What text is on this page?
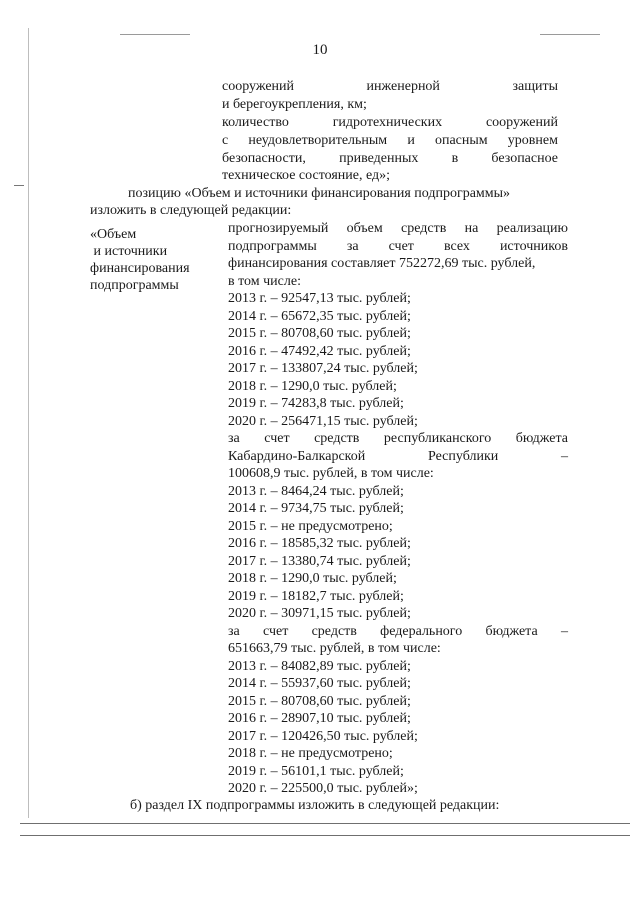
10
сооружений	инженерной	защиты
и берегоукрепления, км;
количество	гидротехнических	сооружений
с неудовлетворительным и опасным уровнем
безопасности, приведенных в безопасное
техническое состояние, ед»;
позицию «Объем и источники финансирования подпрограммы»
изложить в следующей редакции:
«Объем
и источники
финансирования
подпрограммы
прогнозируемый объем средств на реализацию
подпрограммы за счет всех источников
финансирования составляет 752272,69 тыс. рублей,
в том числе:
2013 г. – 92547,13 тыс. рублей;
2014 г. – 65672,35 тыс. рублей;
2015 г. – 80708,60 тыс. рублей;
2016 г. – 47492,42 тыс. рублей;
2017 г. – 133807,24 тыс. рублей;
2018 г. – 1290,0 тыс. рублей;
2019 г. – 74283,8 тыс. рублей;
2020 г. – 256471,15 тыс. рублей;
за счет средств республиканского бюджета
Кабардино-Балкарской	Республики	–
100608,9 тыс. рублей, в том числе:
2013 г. – 8464,24 тыс. рублей;
2014 г. – 9734,75 тыс. рублей;
2015 г. – не предусмотрено;
2016 г. – 18585,32 тыс. рублей;
2017 г. – 13380,74 тыс. рублей;
2018 г. – 1290,0 тыс. рублей;
2019 г. – 18182,7 тыс. рублей;
2020 г. – 30971,15 тыс. рублей;
за счет средств федерального бюджета –
651663,79 тыс. рублей, в том числе:
2013 г. – 84082,89 тыс. рублей;
2014 г. – 55937,60 тыс. рублей;
2015 г. – 80708,60 тыс. рублей;
2016 г. – 28907,10 тыс. рублей;
2017 г. – 120426,50 тыс. рублей;
2018 г. – не предусмотрено;
2019 г. – 56101,1 тыс. рублей;
2020 г. – 225500,0 тыс. рублей»;
б) раздел IX подпрограммы изложить в следующей редакции:
